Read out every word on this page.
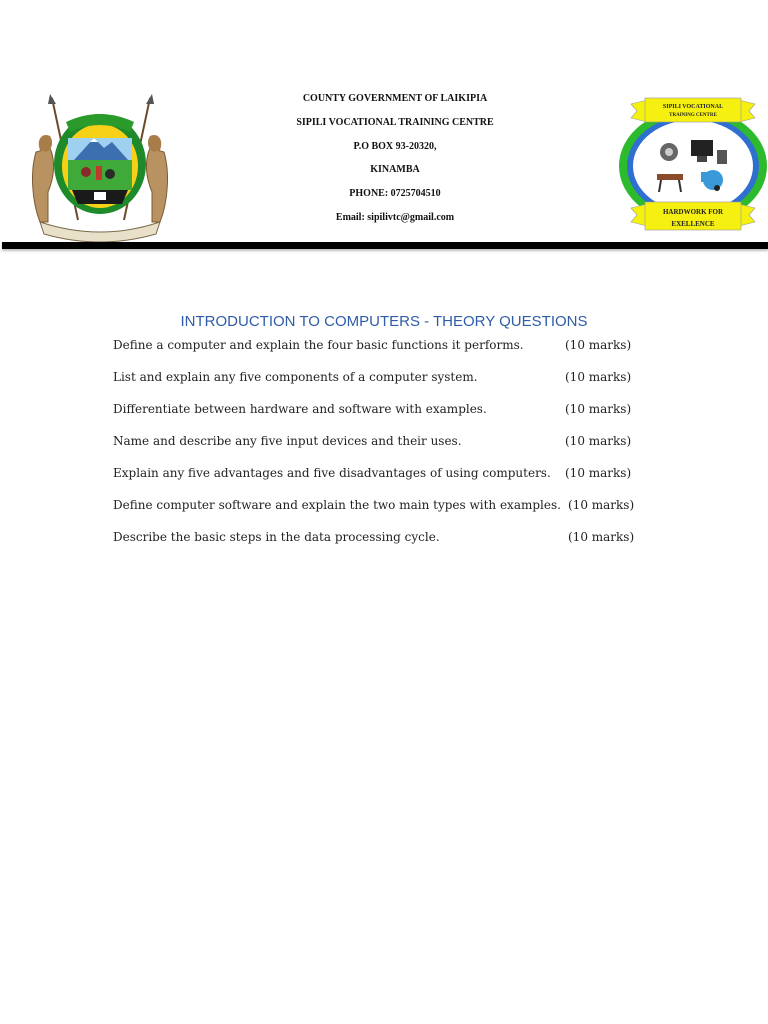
COUNTY GOVERNMENT OF LAIKIPIA
SIPILI VOCATIONAL TRAINING CENTRE
P.O BOX 93-20320,
KINAMBA
PHONE: 0725704510
Email: sipilivtc@gmail.com
SIPILI VOCATIONAL
TRAINING CENTRE
HARDWORK FOR
EXELLENCE
INTRODUCTION TO COMPUTERS - THEORY QUESTIONS
Define a computer and explain the four basic functions it performs.	(10 marks)
List and explain any five components of a computer system.	(10 marks)
Differentiate between hardware and software with examples.	(10 marks)
Name and describe any five input devices and their uses.	(10 marks)
Explain any five advantages and five disadvantages of using computers. (10 marks)
Define computer software and explain the two main types with examples. (10 marks)
Describe the basic steps in the data processing cycle.	(10 marks)
